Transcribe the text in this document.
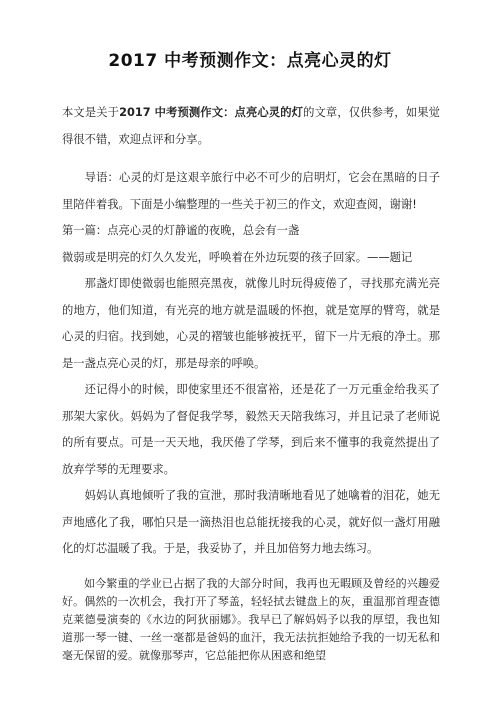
2017 中考预测作文：点亮心灵的灯

本文是关于2017 中考预测作文：点亮心灵的灯的文章，仅供参考，如果觉得很不错，欢迎点评和分享。

导语：心灵的灯是这艰辛旅行中必不可少的启明灯，它会在黑暗的日子里陪伴着我。下面是小编整理的一些关于初三的作文，欢迎查阅，谢谢!

第一篇：点亮心灵的灯静谧的夜晚，总会有一盏

微弱或是明亮的灯久久发光，呼唤着在外边玩耍的孩子回家。——题记

那盏灯即使微弱也能照亮黑夜，就像儿时玩得疲倦了，寻找那充满光亮的地方，他们知道，有光亮的地方就是温暖的怀抱，就是宽厚的臂弯，就是心灵的归宿。找到她，心灵的褶皱也能够被抚平，留下一片无痕的净土。那是一盏点亮心灵的灯，那是母亲的呼唤。

还记得小的时候，即使家里还不很富裕，还是花了一万元重金给我买了那架大家伙。妈妈为了督促我学琴，毅然天天陪我练习，并且记录了老师说的所有要点。可是一天天地，我厌倦了学琴，到后来不懂事的我竟然提出了放弃学琴的无理要求。

妈妈认真地倾听了我的宣泄，那时我清晰地看见了她噙着的泪花，她无声地感化了我，哪怕只是一滴热泪也总能抚接我的心灵，就好似一盏灯用融化的灯芯温暖了我。于是，我妥协了，并且加倍努力地去练习。

如今繁重的学业已占据了我的大部分时间，我再也无暇顾及曾经的兴趣爱好。偶然的一次机会，我打开了琴盖，轻轻拭去键盘上的灰，重温那首理查德克莱德曼演奏的《水边的阿狄丽娜》。我早已了解妈妈予以我的厚望，我也知道那一琴一键、一丝一毫都是爸妈的血汗，我无法抗拒她给予我的一切无私和毫无保留的爱。就像那琴声，它总能把你从困惑和绝望
